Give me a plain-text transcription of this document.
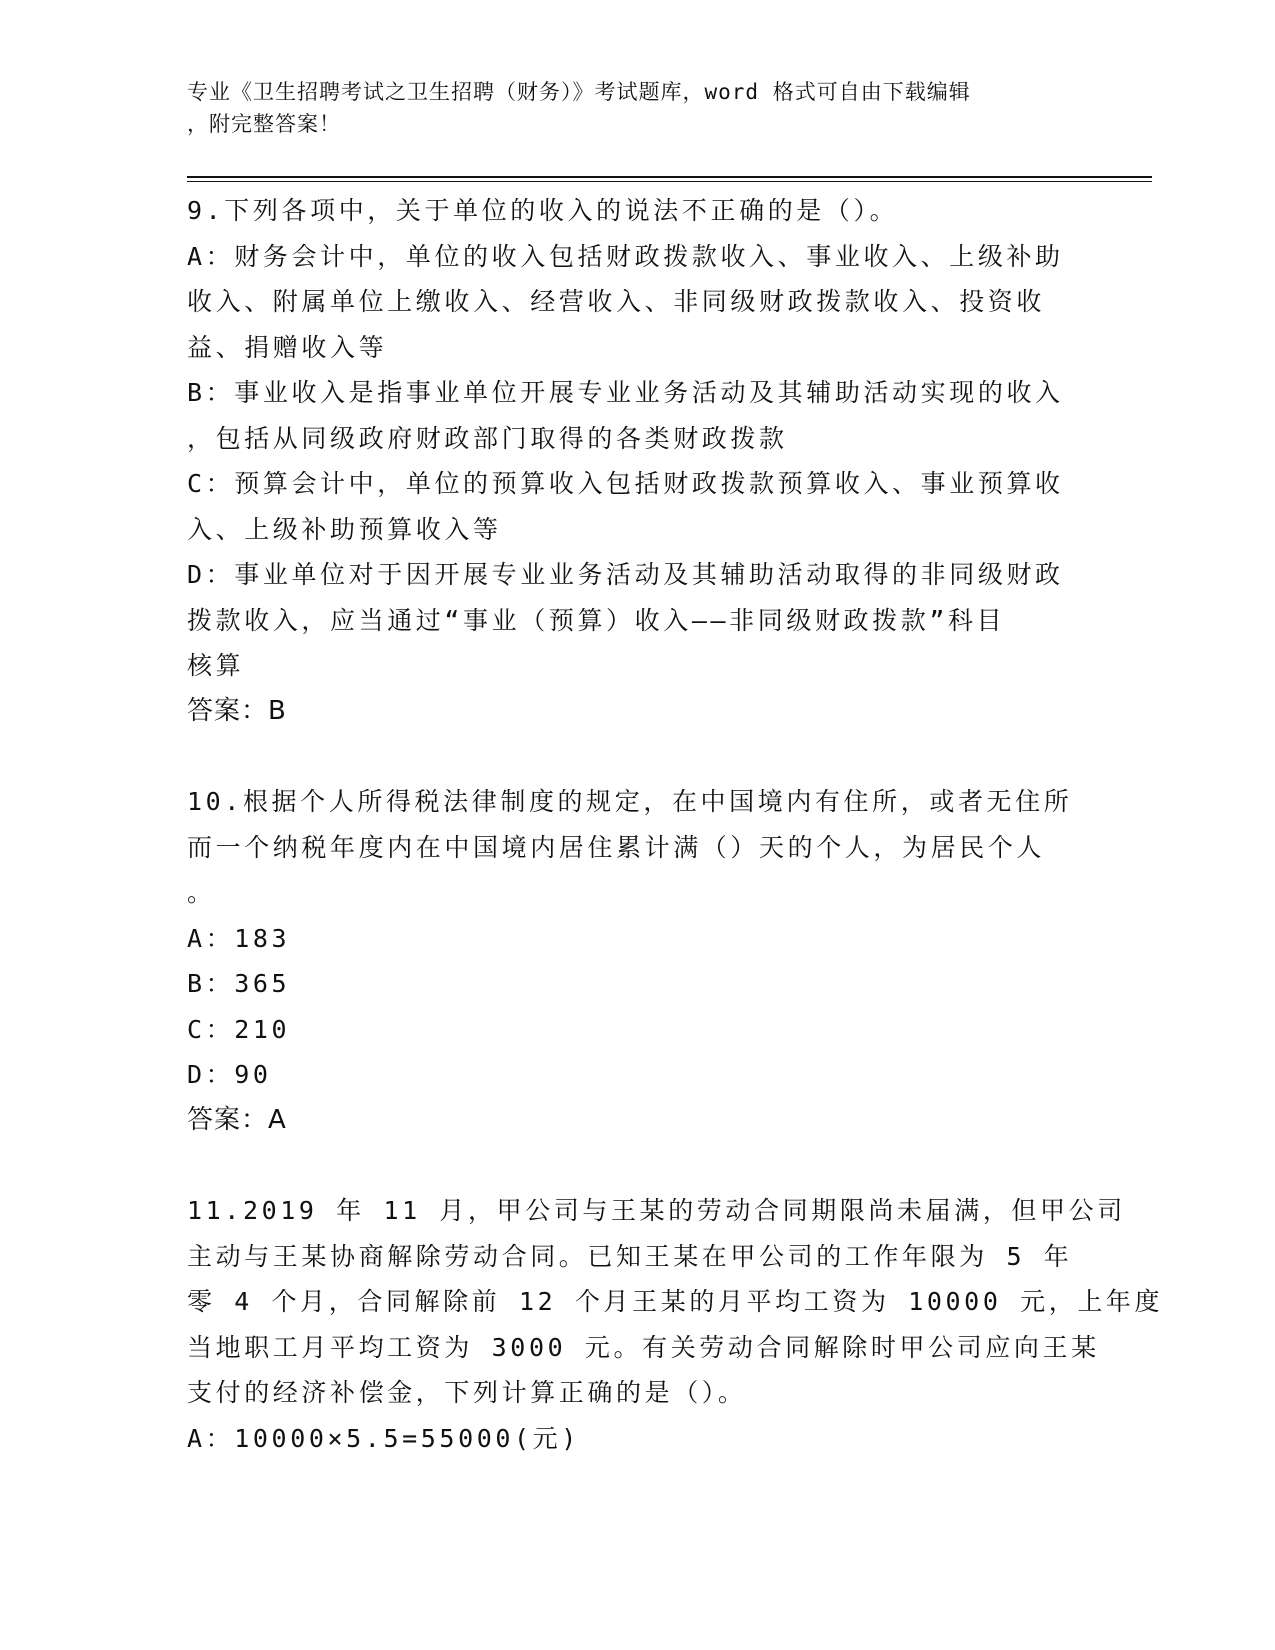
专业《卫生招聘考试之卫生招聘（财务）》考试题库，word 格式可自由下载编辑
，附完整答案！
9.下列各项中，关于单位的收入的说法不正确的是（）。
A：财务会计中，单位的收入包括财政拨款收入、事业收入、上级补助
收入、附属单位上缴收入、经营收入、非同级财政拨款收入、投资收
益、捐赠收入等
B：事业收入是指事业单位开展专业业务活动及其辅助活动实现的收入
，包括从同级政府财政部门取得的各类财政拨款
C：预算会计中，单位的预算收入包括财政拨款预算收入、事业预算收
入、上级补助预算收入等
D：事业单位对于因开展专业业务活动及其辅助活动取得的非同级财政
拨款收入，应当通过“事业（预算）收入——非同级财政拨款”科目
核算
答案：B
10.根据个人所得税法律制度的规定，在中国境内有住所，或者无住所
而一个纳税年度内在中国境内居住累计满（）天的个人，为居民个人
。
A：183
B：365
C：210
D：90
答案：A
11.2019 年 11 月，甲公司与王某的劳动合同期限尚未届满，但甲公司
主动与王某协商解除劳动合同。已知王某在甲公司的工作年限为 5 年
零 4 个月，合同解除前 12 个月王某的月平均工资为 10000 元，上年度
当地职工月平均工资为 3000 元。有关劳动合同解除时甲公司应向王某
支付的经济补偿金，下列计算正确的是（）。
A：10000×5.5=55000(元)
